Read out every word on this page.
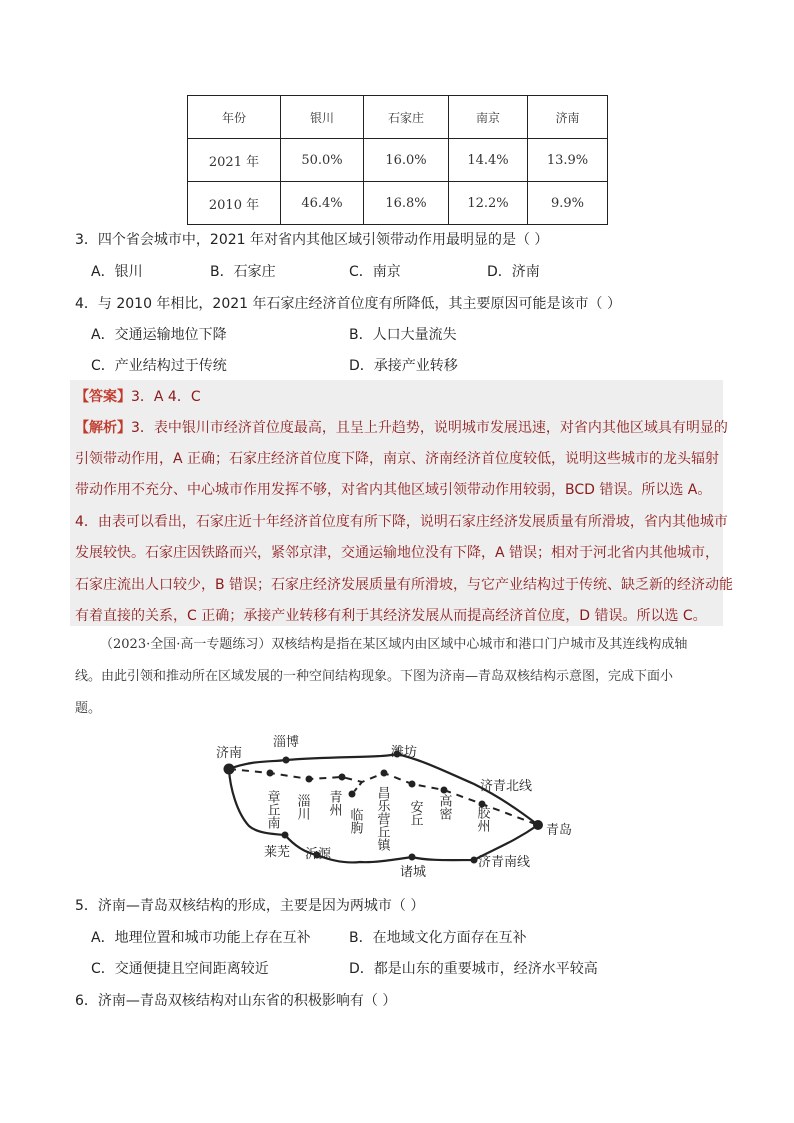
年份	银川	石家庄	南京	济南
2021 年	50.0%	16.0%	14.4%	13.9%
2010 年	46.4%	16.8%	12.2%	9.9%
3．四个省会城市中，2021 年对省内其他区域引领带动作用最明显的是（ ）
A．银川	B．石家庄	C．南京	D．济南
4．与 2010 年相比，2021 年石家庄经济首位度有所降低，其主要原因可能是该市（ ）
A．交通运输地位下降	B．人口大量流失
C．产业结构过于传统	D．承接产业转移
【答案】3．A 4．C
【解析】3．表中银川市经济首位度最高，且呈上升趋势，说明城市发展迅速，对省内其他区域具有明显的
引领带动作用，A 正确；石家庄经济首位度下降，南京、济南经济首位度较低，说明这些城市的龙头辐射
带动作用不充分、中心城市作用发挥不够，对省内其他区域引领带动作用较弱，BCD 错误。所以选 A。
4．由表可以看出，石家庄近十年经济首位度有所下降，说明石家庄经济发展质量有所滑坡，省内其他城市
发展较快。石家庄因铁路而兴，紧邻京津，交通运输地位没有下降，A 错误；相对于河北省内其他城市，
石家庄流出人口较少，B 错误；石家庄经济发展质量有所滑坡，与它产业结构过于传统、缺乏新的经济动能
有着直接的关系，C 正确；承接产业转移有利于其经济发展从而提高经济首位度，D 错误。所以选 C。
（2023·全国·高一专题练习）双核结构是指在某区域内由区域中心城市和港口门户城市及其连线构成轴
线。由此引领和推动所在区域发展的一种空间结构现象。下图为济南—青岛双核结构示意图，完成下面小
题。
济南
淄博
潍坊
济青北线
青岛
济青南线
诸城
沂源
莱芜
章丘南 淄川 青州
临朐 昌乐营丘镇 安丘 高密 胶州
5．济南—青岛双核结构的形成，主要是因为两城市（ ）
A．地理位置和城市功能上存在互补	B．在地域文化方面存在互补
C．交通便捷且空间距离较近	D．都是山东的重要城市，经济水平较高
6．济南—青岛双核结构对山东省的积极影响有（ ）
